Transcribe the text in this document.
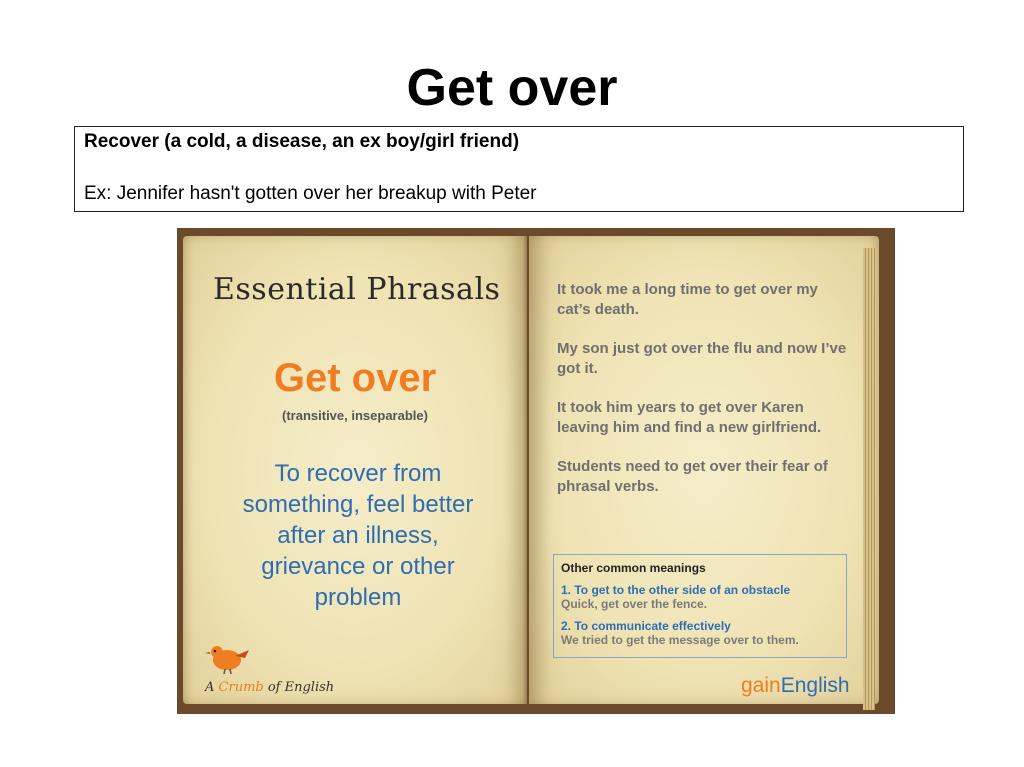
Get over
Recover (a cold, a disease, an ex boy/girl friend)
Ex: Jennifer hasn't gotten over her breakup with Peter
Essential Phrasals
Get over
(transitive, inseparable)
To recover from something, feel better after an illness, grievance or other problem
A Crumb of English
It took me a long time to get over my cat’s death.
My son just got over the flu and now I’ve got it.
It took him years to get over Karen leaving him and find a new girlfriend.
Students need to get over their fear of phrasal verbs.
Other common meanings
1. To get to the other side of an obstacle
Quick, get over the fence.
2. To communicate effectively
We tried to get the message over to them.
gainEnglish
